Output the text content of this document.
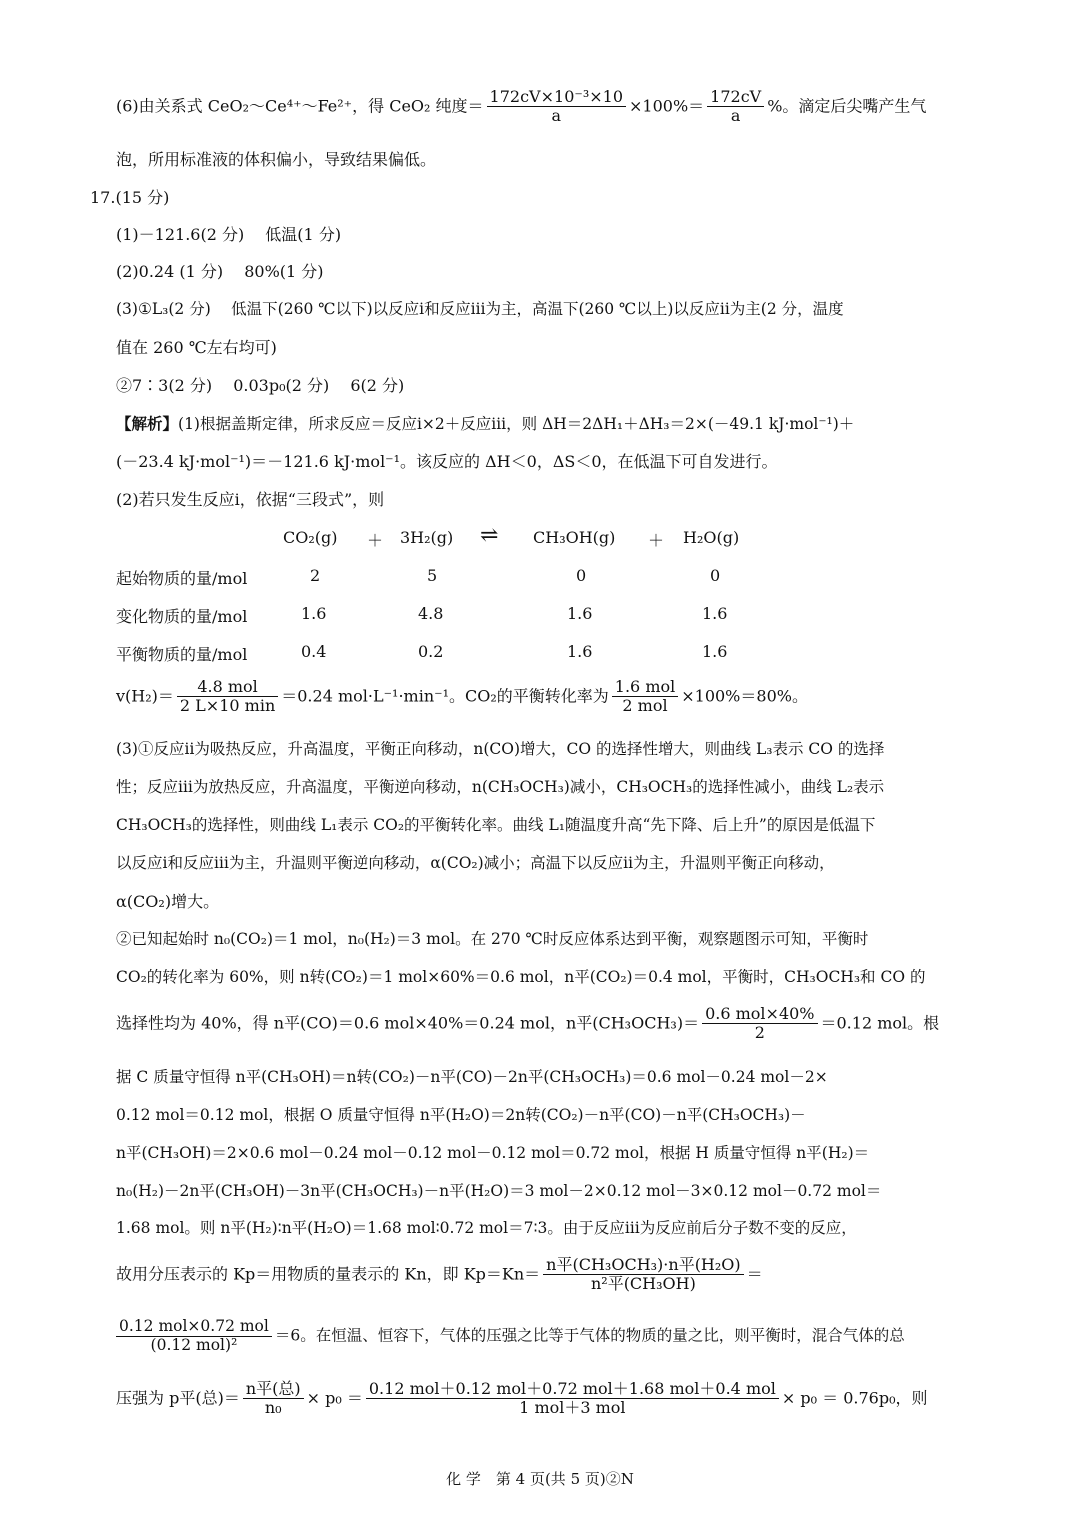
(6)由关系式 CeO₂～Ce⁴⁺～Fe²⁺，得 CeO₂ 纯度＝ $\frac{\text{172cV×10⁻³×10}}{a} \times 100\%= \frac{172cV}{a}$ %。滴定后尖嘴产生气
泡，所用标准液的体积偏小，导致结果偏低。
17.(15 分)
(1)－121.6(2 分)　 低温(1 分)
(2)0.24 (1 分)　 80%(1 分)
(3)①L₃(2 分)　 低温下(260 ℃以下)以反应ⅰ和反应ⅲ为主，高温下(260 ℃以上)以反应ⅱ为主(2 分，温度
值在 260 ℃左右均可)
②7∶3(2 分)　 0.03p₀(2 分)　 6(2 分)
【解析】(1)根据盖斯定律，所求反应＝反应ⅰ×2＋反应ⅲ，则 ΔH＝2ΔH₁＋ΔH₃＝2×(－49.1 kJ·mol⁻¹)＋
(－23.4 kJ·mol⁻¹)＝－121.6 kJ·mol⁻¹。该反应的 ΔH＜0，ΔS＜0，在低温下可自发进行。
(2)若只发生反应ⅰ，依据“三段式”，则
CO₂(g) ＋ 3H₂(g) ⇌ CH₃OH(g) ＋ H₂O(g)
起始物质的量/mol	2	5	0	0
变化物质的量/mol	1.6	4.8	1.6	1.6
平衡物质的量/mol	0.4	0.2	1.6	1.6
$v(H_2)= \frac{\text{4.8 mol}}{2 L\times 10 \min} =0.24$ mol·L⁻¹·min⁻¹。CO₂的平衡转化率为 $\frac{\text{1.6 mol}}{\text{2 mol}} \times 100\%=80\%$。
(3)①反应ⅱ为吸热反应，升高温度，平衡正向移动，n(CO)增大，CO 的选择性增大，则曲线 L₃表示 CO 的选择
性；反应ⅲ为放热反应，升高温度，平衡逆向移动，n(CH₃OCH₃)减小，CH₃OCH₃的选择性减小，曲线 L₂表示
CH₃OCH₃的选择性，则曲线 L₁表示 CO₂的平衡转化率。曲线 L₁随温度升高“先下降、后上升”的原因是低温下
以反应ⅰ和反应ⅲ为主，升温则平衡逆向移动，α(CO₂)减小；高温下以反应ⅱ为主，升温则平衡正向移动，
α(CO₂)增大。
②已知起始时 n₀(CO₂)＝1 mol，n₀(H₂)＝3 mol。在 270 ℃时反应体系达到平衡，观察题图示可知，平衡时
CO₂的转化率为 60%，则 n转(CO₂)＝1 mol×60%＝0.6 mol，n平(CO₂)＝0.4 mol，平衡时，CH₃OCH₃和 CO 的
选择性均为 40%，得 n平(CO)＝0.6 mol×40%＝0.24 mol，n平$(CH_3OCH_3)= \frac{\text{0.6 mol×40\%}}{2} =0.12$ mol。根
据 C 质量守恒得 n平(CH₃OH)＝n转(CO₂)－n平(CO)－2n平(CH₃OCH₃)＝0.6 mol－0.24 mol－2×
0.12 mol＝0.12 mol，根据 O 质量守恒得 n平(H₂O)＝2n转(CO₂)－n平(CO)－n平(CH₃OCH₃)－
n平(CH₃OH)＝2×0.6 mol－0.24 mol－0.12 mol－0.12 mol＝0.72 mol，根据 H 质量守恒得 n平(H₂)＝
n₀(H₂)－2n平(CH₃OH)－3n平(CH₃OCH₃)－n平(H₂O)＝3 mol－2×0.12 mol－3×0.12 mol－0.72 mol＝
1.68 mol。则 n平(H₂)∶n平(H₂O)＝1.68 mol∶0.72 mol＝7∶3。由于反应ⅲ为反应前后分子数不变的反应，
故用分压表示的 Kp＝用物质的量表示的 Kn，即 $Kp=Kn= \frac{\text{n平(CH₃OCH₃)·n平(H₂O)}}{\text{n²平(CH₃OH)}}$ ＝
$\frac{\text{0.12 mol×0.72 mol}}{\text{(0.12 mol)²}} =6$。在恒温、恒容下，气体的压强之比等于气体的物质的量之比，则平衡时，混合气体的总
压强为 p平(总)＝ $\frac{\text{n平(总)}}{\text{n₀}} \times p_0 = \frac{\text{0.12 mol＋0.12 mol＋0.72 mol＋1.68 mol＋0.4 mol}}{\text{1 mol＋3 mol}} \times p_0 = 0.76p_0$，则
化 学　第 4 页(共 5 页)②N
